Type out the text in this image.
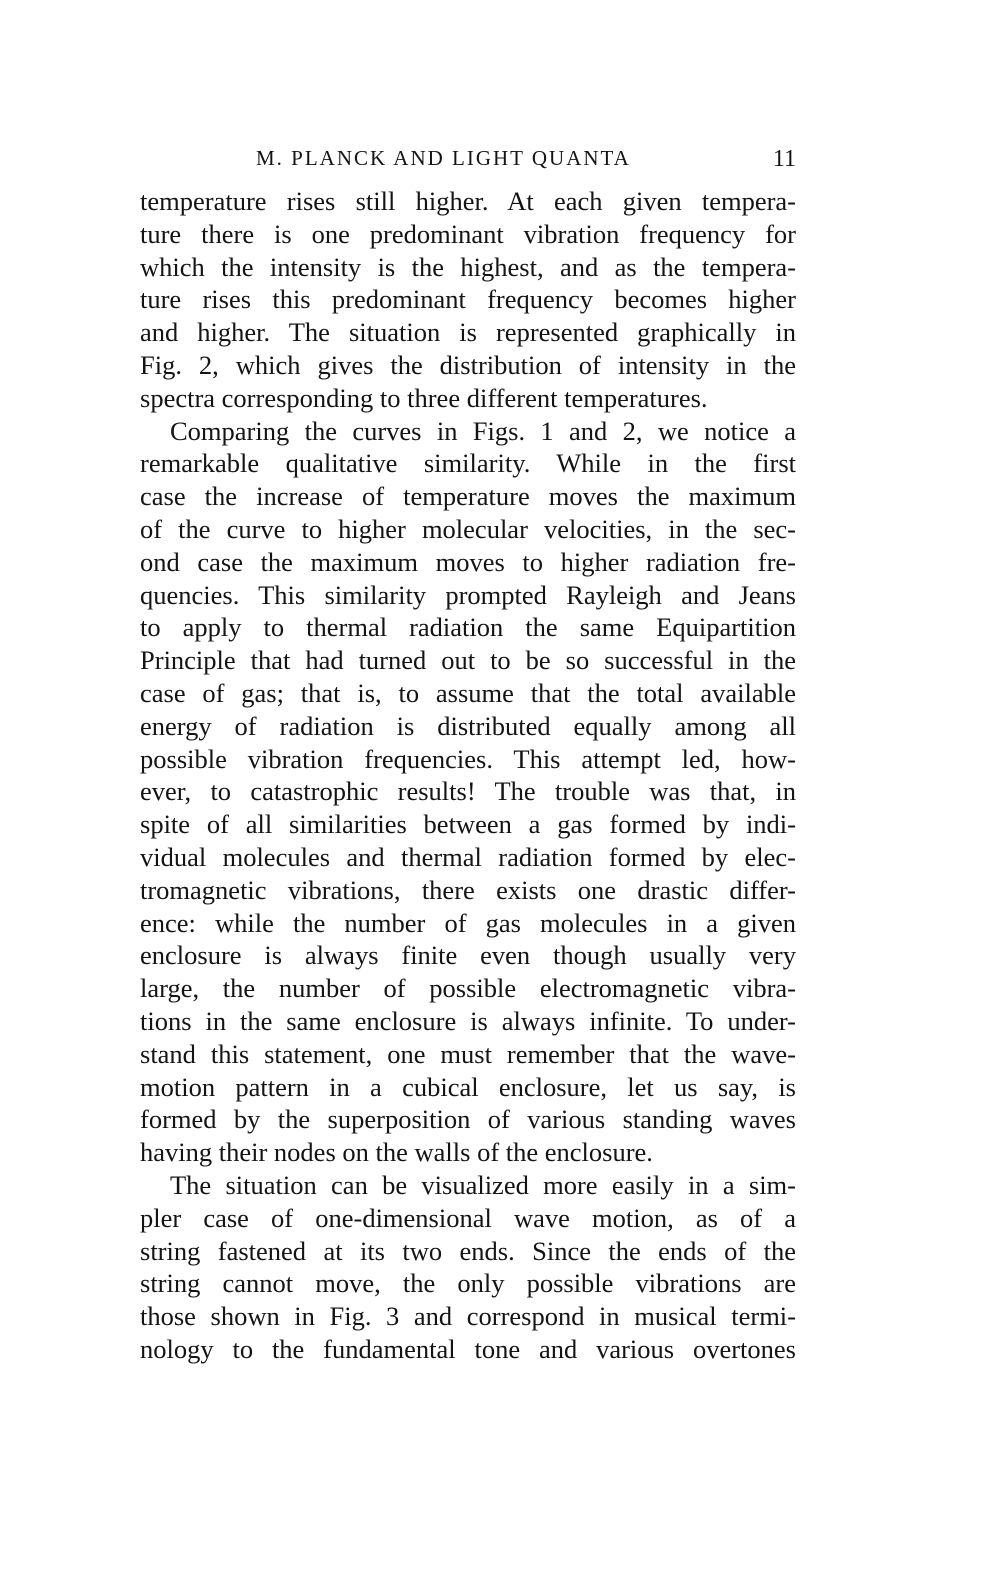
M. PLANCK AND LIGHT QUANTA	11
temperature rises still higher. At each given tempera-
ture there is one predominant vibration frequency for
which the intensity is the highest, and as the tempera-
ture rises this predominant frequency becomes higher
and higher. The situation is represented graphically in
Fig. 2, which gives the distribution of intensity in the
spectra corresponding to three different temperatures.
Comparing the curves in Figs. 1 and 2, we notice a
remarkable qualitative similarity. While in the first
case the increase of temperature moves the maximum
of the curve to higher molecular velocities, in the sec-
ond case the maximum moves to higher radiation fre-
quencies. This similarity prompted Rayleigh and Jeans
to apply to thermal radiation the same Equipartition
Principle that had turned out to be so successful in the
case of gas; that is, to assume that the total available
energy of radiation is distributed equally among all
possible vibration frequencies. This attempt led, how-
ever, to catastrophic results! The trouble was that, in
spite of all similarities between a gas formed by indi-
vidual molecules and thermal radiation formed by elec-
tromagnetic vibrations, there exists one drastic differ-
ence: while the number of gas molecules in a given
enclosure is always finite even though usually very
large, the number of possible electromagnetic vibra-
tions in the same enclosure is always infinite. To under-
stand this statement, one must remember that the wave-
motion pattern in a cubical enclosure, let us say, is
formed by the superposition of various standing waves
having their nodes on the walls of the enclosure.
The situation can be visualized more easily in a sim-
pler case of one-dimensional wave motion, as of a
string fastened at its two ends. Since the ends of the
string cannot move, the only possible vibrations are
those shown in Fig. 3 and correspond in musical termi-
nology to the fundamental tone and various overtones
